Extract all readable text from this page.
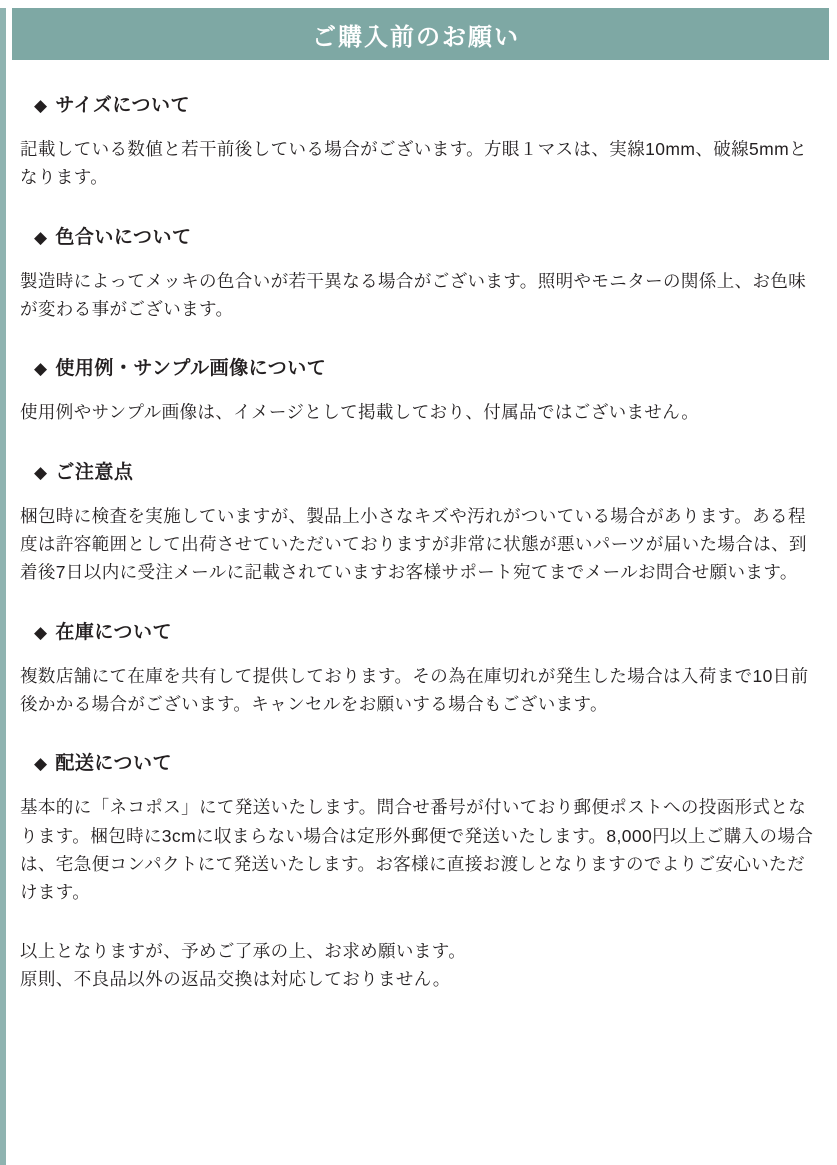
ご購入前のお願い
◆ サイズについて
記載している数値と若干前後している場合がございます。方眼１マスは、実線10mm、破線5mmとなります。
◆ 色合いについて
製造時によってメッキの色合いが若干異なる場合がございます。照明やモニターの関係上、お色味が変わる事がございます。
◆ 使用例・サンプル画像について
使用例やサンプル画像は、イメージとして掲載しており、付属品ではございません。
◆ ご注意点
梱包時に検査を実施していますが、製品上小さなキズや汚れがついている場合があります。ある程度は許容範囲として出荷させていただいておりますが非常に状態が悪いパーツが届いた場合は、到着後7日以内に受注メールに記載されていますお客様サポート宛てまでメールお問合せ願います。
◆ 在庫について
複数店舗にて在庫を共有して提供しております。その為在庫切れが発生した場合は入荷まで10日前後かかる場合がございます。キャンセルをお願いする場合もございます。
◆ 配送について
基本的に「ネコポス」にて発送いたします。問合せ番号が付いており郵便ポストへの投函形式となります。梱包時に3cmに収まらない場合は定形外郵便で発送いたします。8,000円以上ご購入の場合は、宅急便コンパクトにて発送いたします。お客様に直接お渡しとなりますのでよりご安心いただけます。

以上となりますが、予めご了承の上、お求め願います。

原則、不良品以外の返品交換は対応しておりません。
